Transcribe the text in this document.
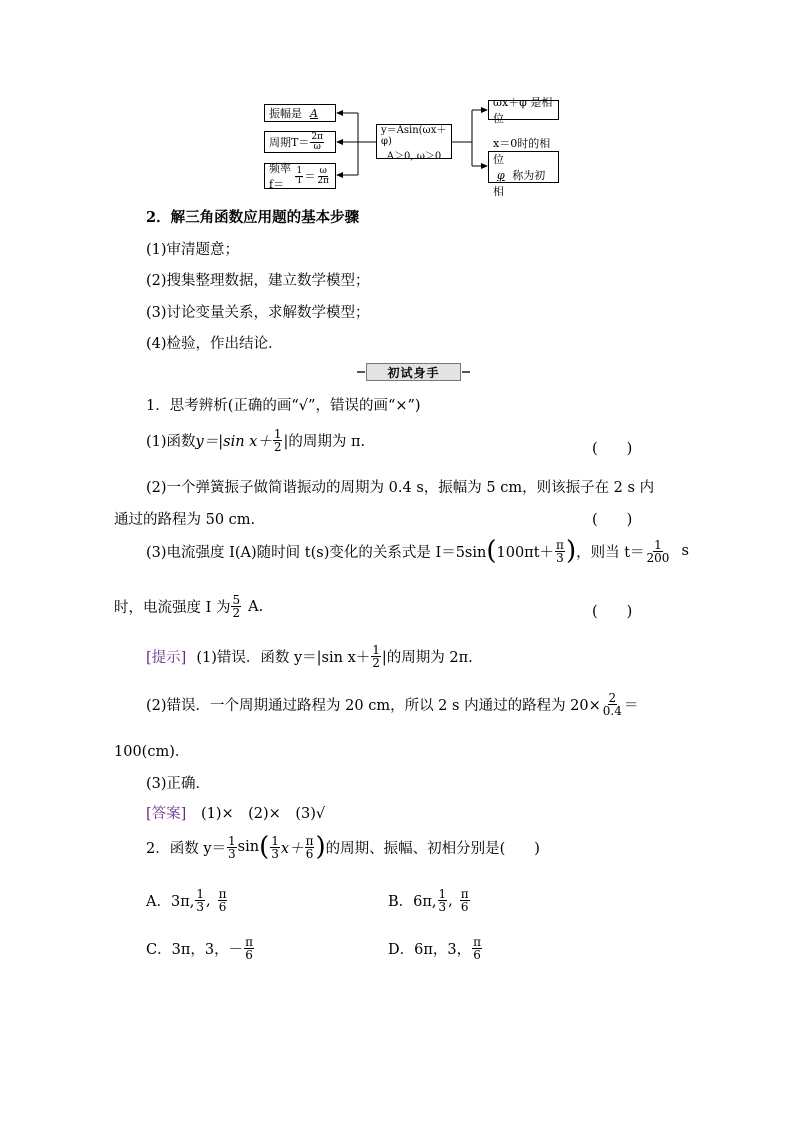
y＝Asin(ωx＋φ)
A＞0, ω＞0
振幅是 A
周期$T= \frac{2\pi}{\omega}$
频率f＝	$\frac{1}{T} = \frac{\omega}{2\pi}$
ωx＋φ 是相位
x＝0时的相位
φ 称为初相
2．解三角函数应用题的基本步骤
(1)审清题意；
(2)搜集整理数据，建立数学模型；
(3)讨论变量关系，求解数学模型；
(4)检验，作出结论．
初试身手
1．思考辨析(正确的画“√”，错误的画“×”)
(1)函数 y＝|sin $x+ \frac{1}{2}$ |的周期为 π.	(　　)
(2)一个弹簧振子做简谐振动的周期为 0.4 s，振幅为 5 cm，则该振子在 2 s 内
通过的路程为 50 cm.	(　　)
(3)电流强度 I(A)随时间 t(s)变化的关系式是 I＝5sin ( $100\pi t+ \frac{\pi}{3}$ ) ，则当 $t= \frac{1}{200}$ s
时，电流强度 I 为 $\frac{5}{2} A$.	(　　)
[提示] (1)错误．函数 y＝|sin $x+ \frac{1}{2}$ |的周期为 2π.
(2)错误．一个周期通过路程为 20 cm，所以 2 s 内通过的路程为 $20\times \frac{2}{0.4}$ ＝
100(cm)．
(3)正确．
[答案] (1)×　(2)×　(3)√
2．函数 $y= \frac{1}{3}$ sin ( $\frac{1}{3} x+ \frac{\pi}{6}$ ) 的周期、振幅、初相分别是(　　)
A．3π, $\frac{1}{3}$ , $\frac{\pi}{6}$	B．6π, $\frac{1}{3}$ , $\frac{\pi}{6}$
C．3π，3，－ $\frac{\pi}{6}$	D．6π，3， $\frac{\pi}{6}$
